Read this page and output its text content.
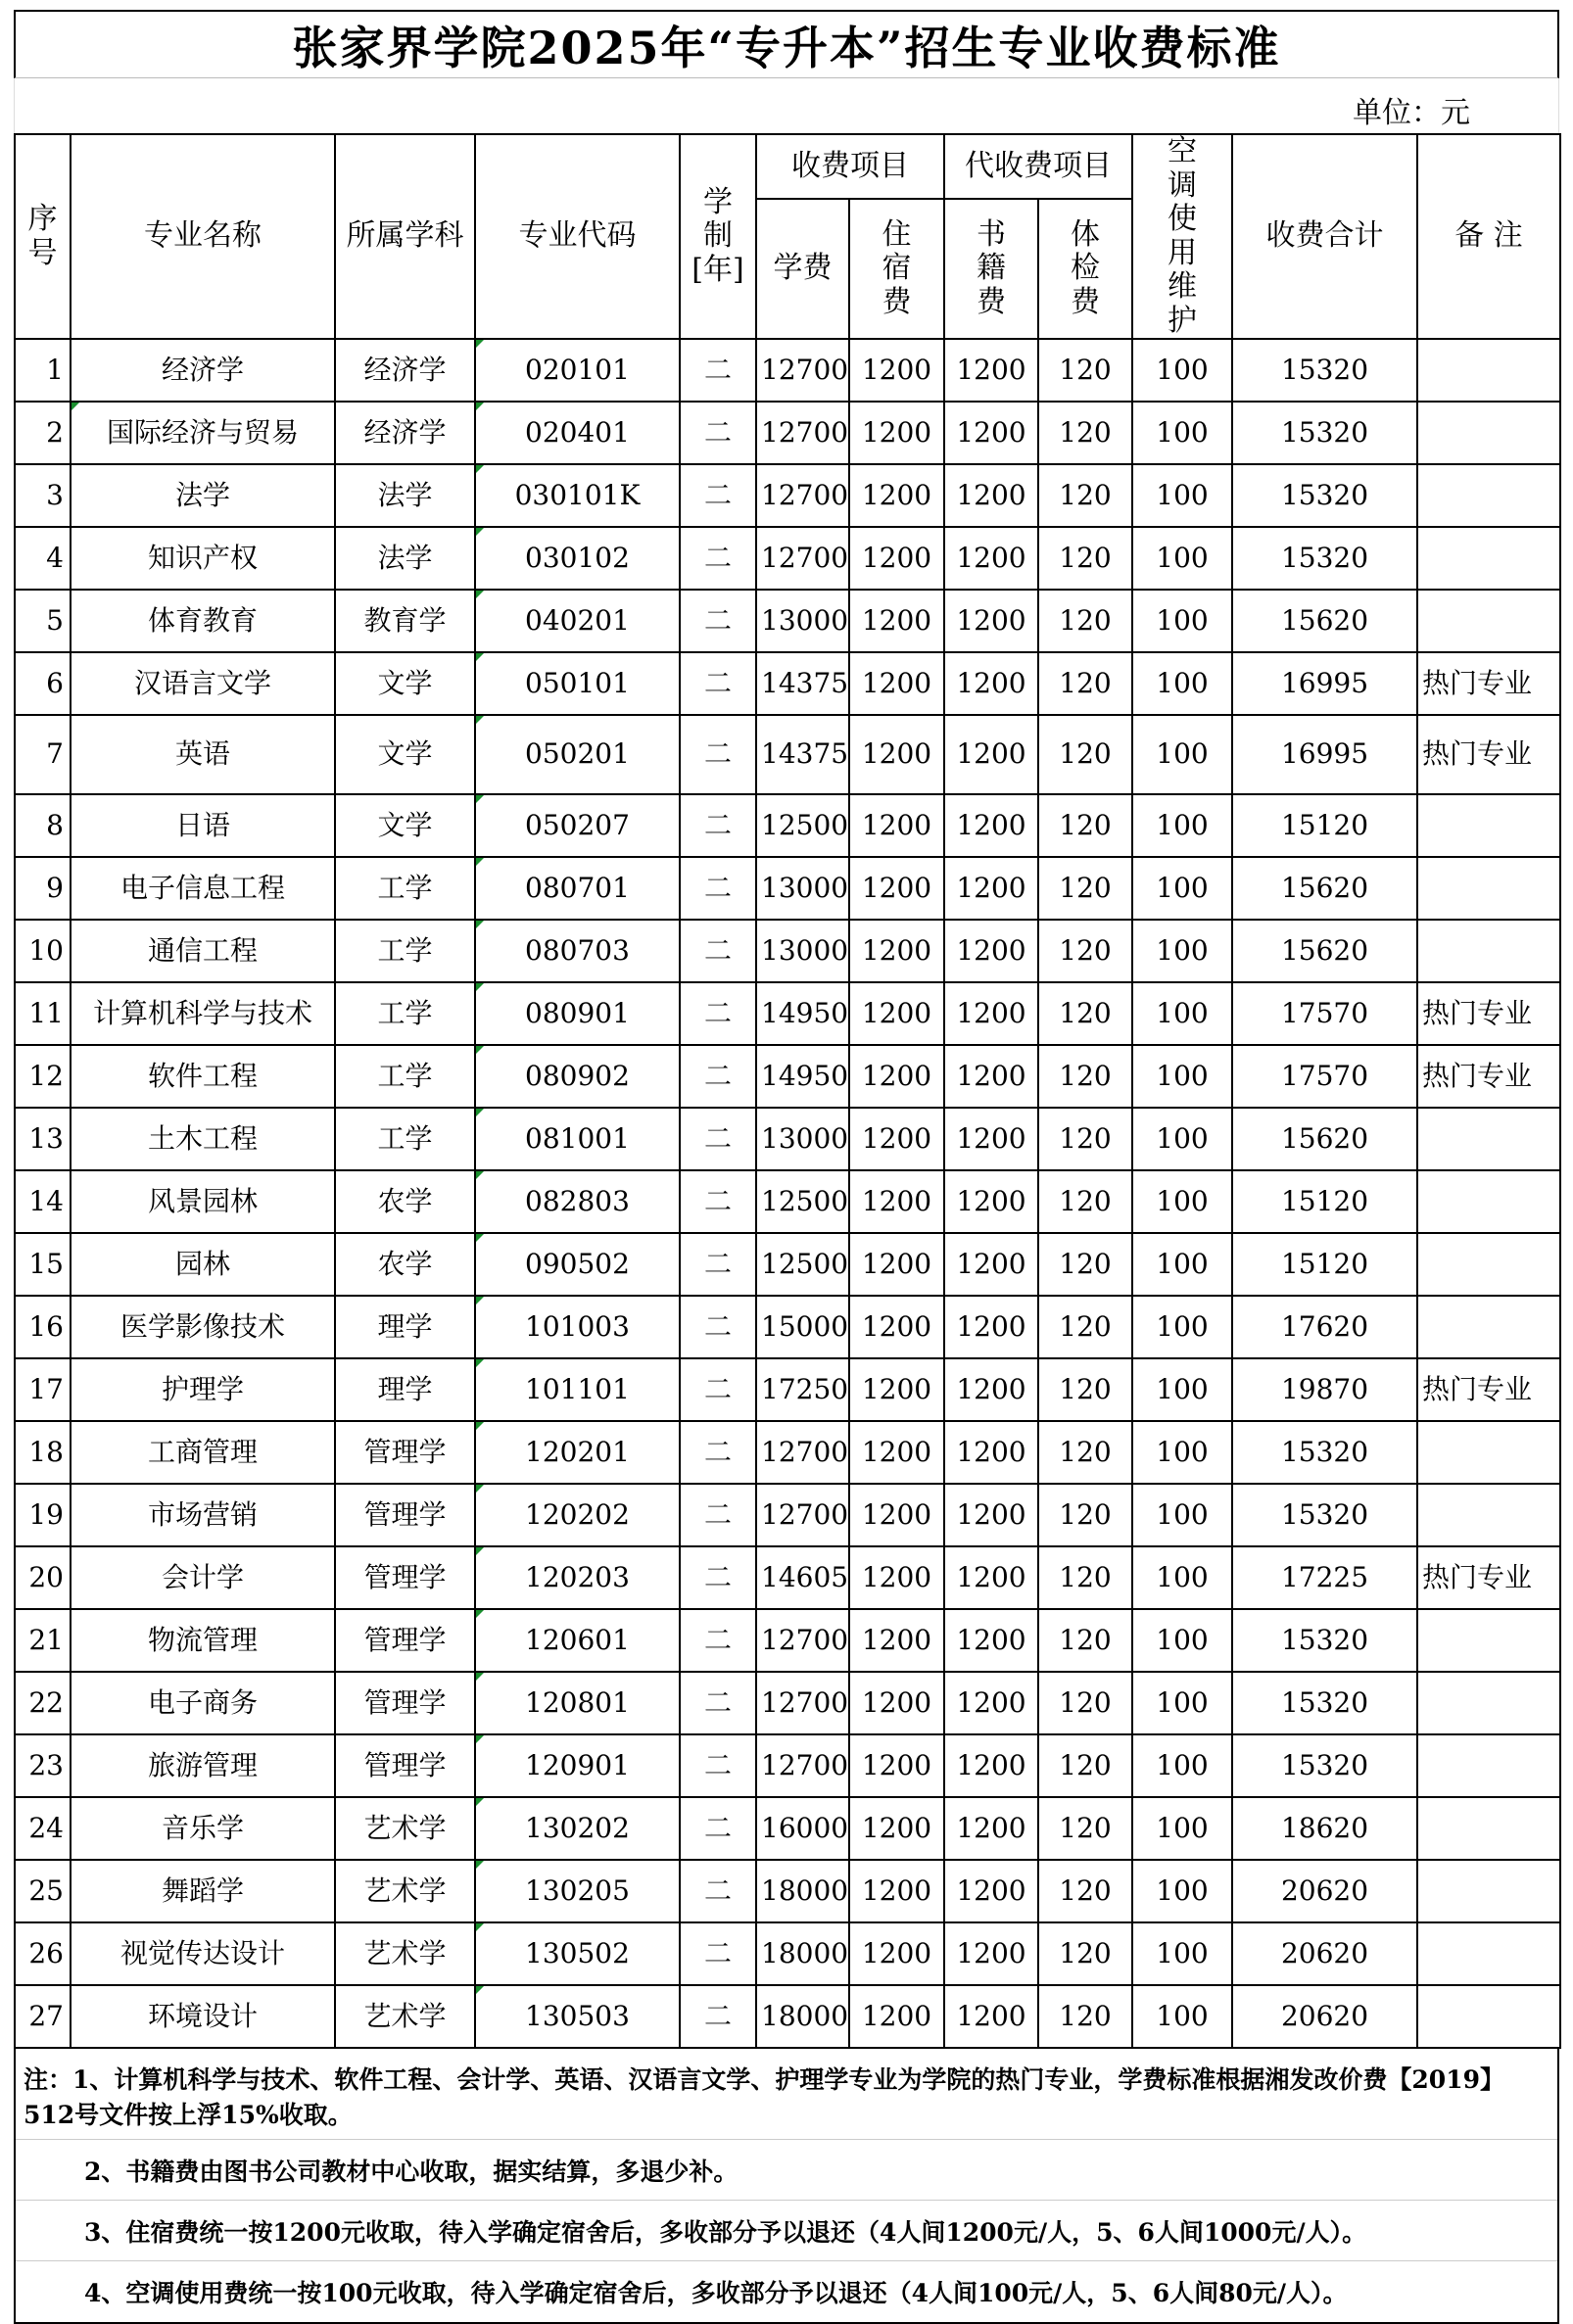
张家界学院2025年“专升本”招生专业收费标准
单位：元
序号	专业名称	所属学科	专业代码	学制[年]	收费项目		代收费项目		空调使用维护	收费合计	备 注
					学费	住宿费	书籍费	体检费			
1	经济学	经济学	020101	二	12700	1200	1200	120	100	15320	
2	国际经济与贸易	经济学	020401	二	12700	1200	1200	120	100	15320	
3	法学	法学	030101K	二	12700	1200	1200	120	100	15320	
4	知识产权	法学	030102	二	12700	1200	1200	120	100	15320	
5	体育教育	教育学	040201	二	13000	1200	1200	120	100	15620	
6	汉语言文学	文学	050101	二	14375	1200	1200	120	100	16995	热门专业
7	英语	文学	050201	二	14375	1200	1200	120	100	16995	热门专业
8	日语	文学	050207	二	12500	1200	1200	120	100	15120	
9	电子信息工程	工学	080701	二	13000	1200	1200	120	100	15620	
10	通信工程	工学	080703	二	13000	1200	1200	120	100	15620	
11	计算机科学与技术	工学	080901	二	14950	1200	1200	120	100	17570	热门专业
12	软件工程	工学	080902	二	14950	1200	1200	120	100	17570	热门专业
13	土木工程	工学	081001	二	13000	1200	1200	120	100	15620	
14	风景园林	农学	082803	二	12500	1200	1200	120	100	15120	
15	园林	农学	090502	二	12500	1200	1200	120	100	15120	
16	医学影像技术	理学	101003	二	15000	1200	1200	120	100	17620	
17	护理学	理学	101101	二	17250	1200	1200	120	100	19870	热门专业
18	工商管理	管理学	120201	二	12700	1200	1200	120	100	15320	
19	市场营销	管理学	120202	二	12700	1200	1200	120	100	15320	
20	会计学	管理学	120203	二	14605	1200	1200	120	100	17225	热门专业
21	物流管理	管理学	120601	二	12700	1200	1200	120	100	15320	
22	电子商务	管理学	120801	二	12700	1200	1200	120	100	15320	
23	旅游管理	管理学	120901	二	12700	1200	1200	120	100	15320	
24	音乐学	艺术学	130202	二	16000	1200	1200	120	100	18620	
25	舞蹈学	艺术学	130205	二	18000	1200	1200	120	100	20620	
26	视觉传达设计	艺术学	130502	二	18000	1200	1200	120	100	20620	
27	环境设计	艺术学	130503	二	18000	1200	1200	120	100	20620	
注：1、计算机科学与技术、软件工程、会计学、英语、汉语言文学、护理学专业为学院的热门专业，学费标准根据湘发改价费【2019】512号文件按上浮15%收取。
2、书籍费由图书公司教材中心收取，据实结算，多退少补。
3、住宿费统一按1200元收取，待入学确定宿舍后，多收部分予以退还（4人间1200元/人，5、6人间1000元/人）。
4、空调使用费统一按100元收取，待入学确定宿舍后，多收部分予以退还（4人间100元/人，5、6人间80元/人）。
